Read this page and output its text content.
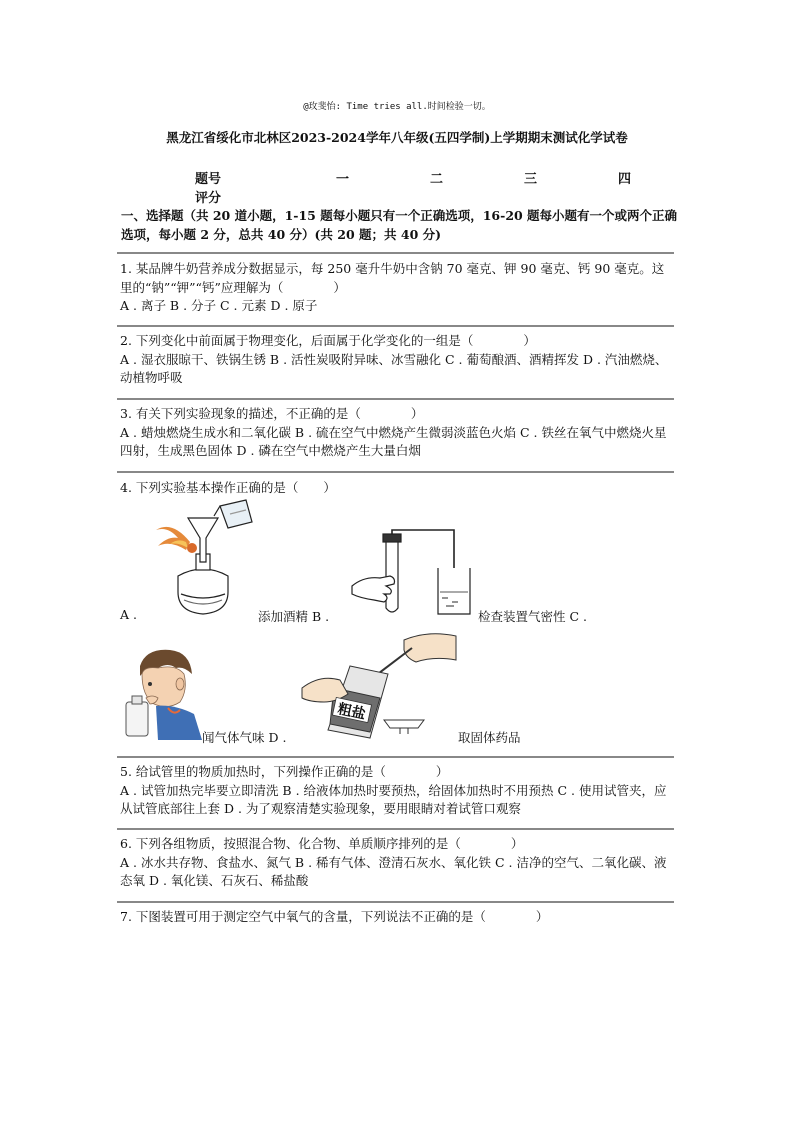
@玫斐怡: Time tries all.时间检验一切。
黑龙江省绥化市北林区2023-2024学年八年级(五四学制)上学期期末测试化学试卷
题号	一	二	三	四
评分
一、选择题（共 20 道小题，1-15 题每小题只有一个正确选项，16-20 题每小题有一个或两个正确选项，每小题 2 分，总共 40 分）(共 20 题；共 40 分)
1. 某品牌牛奶营养成分数据显示，每 250 毫升牛奶中含钠 70 毫克、钾 90 毫克、钙 90 毫克。这里的“钠”“钾”“钙”应理解为（　　　　）
A . 离子 B . 分子 C . 元素 D . 原子
2. 下列变化中前面属于物理变化，后面属于化学变化的一组是（　　　　）
A . 湿衣服晾干、铁锅生锈 B . 活性炭吸附异味、冰雪融化 C . 葡萄酿酒、酒精挥发 D . 汽油燃烧、动植物呼吸
3. 有关下列实验现象的描述，不正确的是（　　　　）
A . 蜡烛燃烧生成水和二氧化碳 B . 硫在空气中燃烧产生微弱淡蓝色火焰 C . 铁丝在氧气中燃烧火星四射，生成黑色固体 D . 磷在空气中燃烧产生大量白烟
4. 下列实验基本操作正确的是（　　）
A .	添加酒精 B .	检查装置气密性 C .
闻气体气味 D .
粗盐
取固体药品
5. 给试管里的物质加热时，下列操作正确的是（　　　　）
A . 试管加热完毕要立即清洗 B . 给液体加热时要预热，给固体加热时不用预热 C . 使用试管夹，应从试管底部往上套 D . 为了观察清楚实验现象，要用眼睛对着试管口观察
6. 下列各组物质，按照混合物、化合物、单质顺序排列的是（　　　　）
A . 冰水共存物、食盐水、氮气 B . 稀有气体、澄清石灰水、氧化铁 C . 洁净的空气、二氧化碳、液态氧 D . 氧化镁、石灰石、稀盐酸
7. 下图装置可用于测定空气中氧气的含量，下列说法不正确的是（　　　　）
